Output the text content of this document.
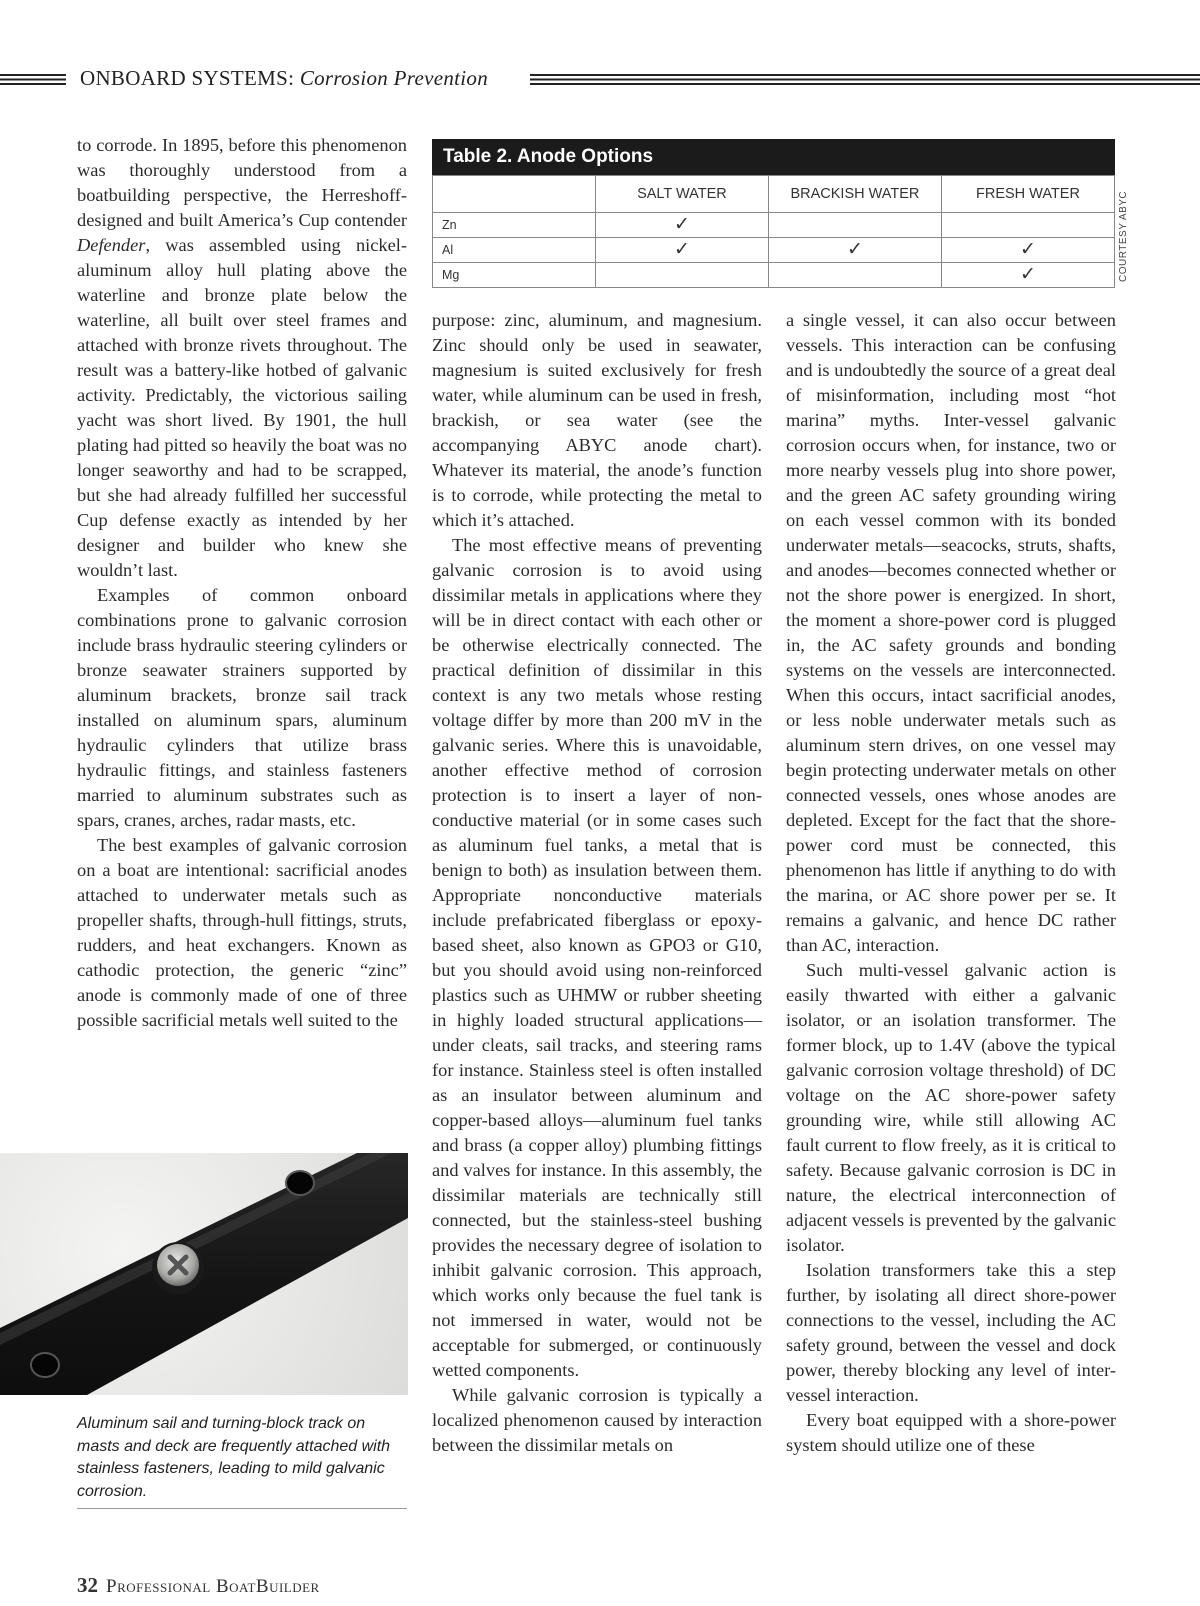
ONBOARD SYSTEMS: Corrosion Prevention

to corrode. In 1895, before this phenomenon was thoroughly understood from a boatbuilding perspective, the Herreshoff-designed and built America’s Cup contender Defender, was assembled using nickel-aluminum alloy hull plating above the waterline and bronze plate below the waterline, all built over steel frames and attached with bronze rivets throughout. The result was a battery-like hotbed of galvanic activity. Predictably, the victorious sailing yacht was short lived. By 1901, the hull plating had pitted so heavily the boat was no longer seaworthy and had to be scrapped, but she had already fulfilled her successful Cup defense exactly as intended by her designer and builder who knew she wouldn’t last.

Examples of common onboard combinations prone to galvanic corrosion include brass hydraulic steering cylinders or bronze seawater strainers supported by aluminum brackets, bronze sail track installed on aluminum spars, aluminum hydraulic cylinders that utilize brass hydraulic fittings, and stainless fasteners married to aluminum substrates such as spars, cranes, arches, radar masts, etc.

The best examples of galvanic corrosion on a boat are intentional: sacrificial anodes attached to underwater metals such as propeller shafts, through-hull fittings, struts, rudders, and heat exchangers. Known as cathodic protection, the generic “zinc” anode is commonly made of one of three possible sacrificial metals well suited to the

Table 2. Anode Options
	SALT WATER	BRACKISH WATER	FRESH WATER
Zn	✓		
Al	✓	✓	✓
Mg			✓	COURTESY ABYC

purpose: zinc, aluminum, and magnesium. Zinc should only be used in seawater, magnesium is suited exclusively for fresh water, while aluminum can be used in fresh, brackish, or sea water (see the accompanying ABYC anode chart). Whatever its material, the anode’s function is to corrode, while protecting the metal to which it’s attached.

The most effective means of preventing galvanic corrosion is to avoid using dissimilar metals in applications where they will be in direct contact with each other or be otherwise electrically connected. The practical definition of dissimilar in this context is any two metals whose resting voltage differ by more than 200 mV in the galvanic series. Where this is unavoidable, another effective method of corrosion protection is to insert a layer of non-conductive material (or in some cases such as aluminum fuel tanks, a metal that is benign to both) as insulation between them. Appropriate nonconductive materials include prefabricated fiberglass or epoxy-based sheet, also known as GPO3 or G10, but you should avoid using non-reinforced plastics such as UHMW or rubber sheeting in highly loaded structural applications—under cleats, sail tracks, and steering rams for instance. Stainless steel is often installed as an insulator between aluminum and copper-based alloys—aluminum fuel tanks and brass (a copper alloy) plumbing fittings and valves for instance. In this assembly, the dissimilar materials are technically still connected, but the stainless-steel bushing provides the necessary degree of isolation to inhibit galvanic corrosion. This approach, which works only because the fuel tank is not immersed in water, would not be acceptable for submerged, or continuously wetted components.

While galvanic corrosion is typically a localized phenomenon caused by interaction between the dissimilar metals on

a single vessel, it can also occur between vessels. This interaction can be confusing and is undoubtedly the source of a great deal of misinformation, including most “hot marina” myths. Inter-vessel galvanic corrosion occurs when, for instance, two or more nearby vessels plug into shore power, and the green AC safety grounding wiring on each vessel common with its bonded underwater metals—seacocks, struts, shafts, and anodes—becomes connected whether or not the shore power is energized. In short, the moment a shore-power cord is plugged in, the AC safety grounds and bonding systems on the vessels are interconnected. When this occurs, intact sacrificial anodes, or less noble underwater metals such as aluminum stern drives, on one vessel may begin protecting underwater metals on other connected vessels, ones whose anodes are depleted. Except for the fact that the shore-power cord must be connected, this phenomenon has little if anything to do with the marina, or AC shore power per se. It remains a galvanic, and hence DC rather than AC, interaction.

Such multi-vessel galvanic action is easily thwarted with either a galvanic isolator, or an isolation transformer. The former block, up to 1.4V (above the typical galvanic corrosion voltage threshold) of DC voltage on the AC shore-power safety grounding wire, while still allowing AC fault current to flow freely, as it is critical to safety. Because galvanic corrosion is DC in nature, the electrical interconnection of adjacent vessels is prevented by the galvanic isolator.

Isolation transformers take this a step further, by isolating all direct shore-power connections to the vessel, including the AC safety ground, between the vessel and dock power, thereby blocking any level of inter-vessel interaction.

Every boat equipped with a shore-power system should utilize one of these

Aluminum sail and turning-block track on masts and deck are frequently attached with stainless fasteners, leading to mild galvanic corrosion.
32 Professional BoatBuilder
